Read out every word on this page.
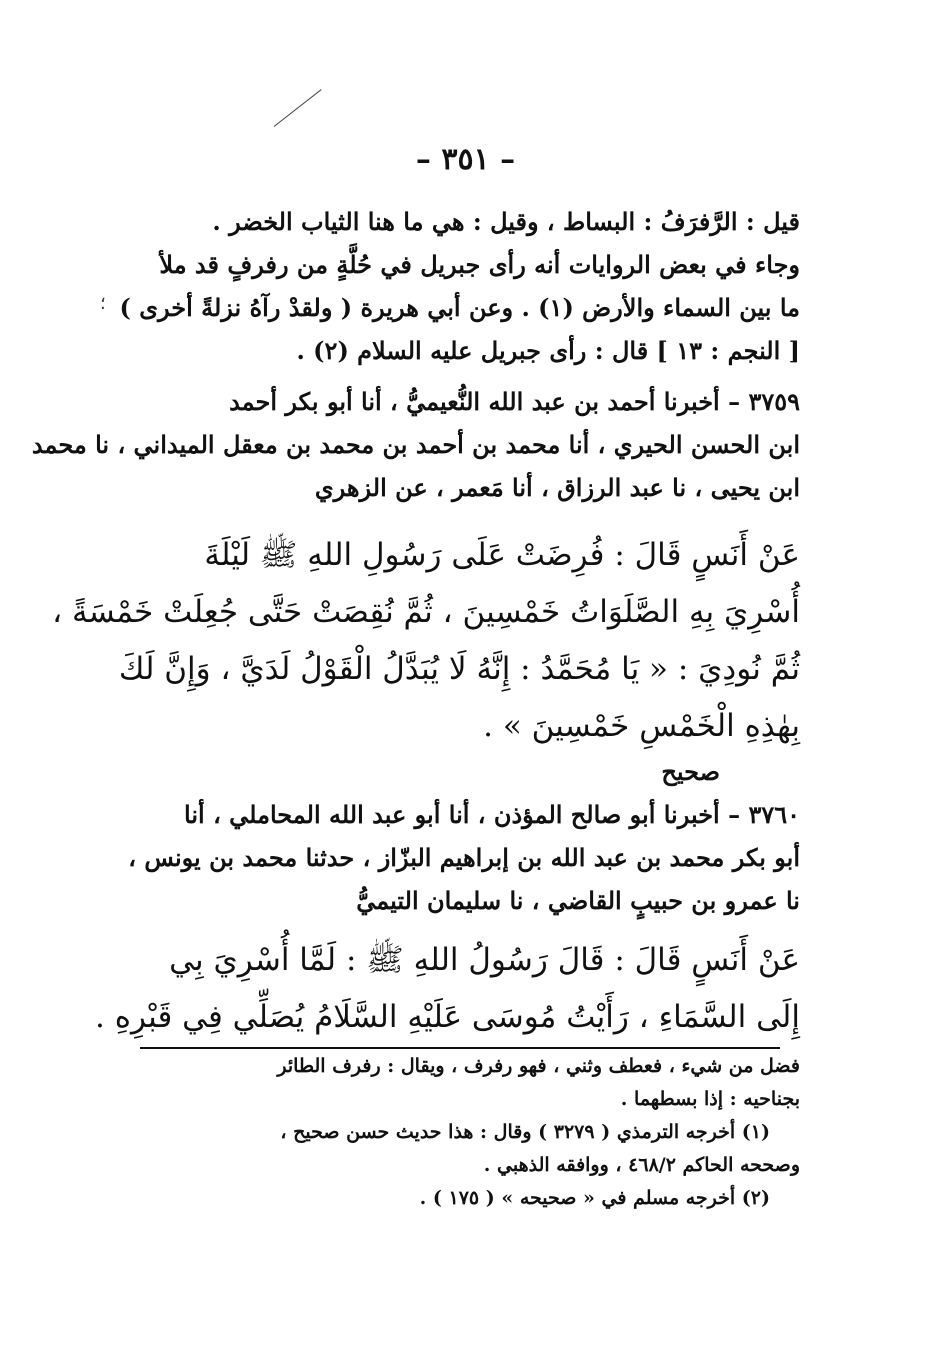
؛
– ٣٥١ –
قيل : الرَّفرَفُ : البساط ، وقيل : هي ما هنا الثياب الخضر .
وجاء في بعض الروايات أنه رأى جبريل في حُلَّةٍ من رفرفٍ قد ملأ
ما بين السماء والأرض (١) . وعن أبي هريرة ( ولقدْ رآهُ نزلةً أخرى )
[ النجم : ١٣ ] قال : رأى جبريل عليه السلام (٢) .
٣٧٥٩ – أخبرنا أحمد بن عبد الله النُّعيميُّ ، أنا أبو بكر أحمد
ابن الحسن الحيري ، أنا محمد بن أحمد بن محمد بن معقل الميداني ، نا محمد
ابن يحيى ، نا عبد الرزاق ، أنا مَعمر ، عن الزهري
عَنْ أَنَسٍ قَالَ : فُرِضَتْ عَلَى رَسُولِ اللهِ ﷺ لَيْلَةَ
أُسْرِيَ بِهِ الصَّلَوَاتُ خَمْسِينَ ، ثُمَّ نُقِصَتْ حَتَّى جُعِلَتْ خَمْسَةً ،
ثُمَّ نُودِيَ : « يَا مُحَمَّدُ : إِنَّهُ لَا يُبَدَّلُ الْقَوْلُ لَدَيَّ ، وَإِنَّ لَكَ
بِهٰذِهِ الْخَمْسِ خَمْسِينَ » .
صحيح
٣٧٦٠ – أخبرنا أبو صالح المؤذن ، أنا أبو عبد الله المحاملي ، أنا
أبو بكر محمد بن عبد الله بن إبراهيم البزّاز ، حدثنا محمد بن يونس ،
نا عمرو بن حبيبٍ القاضي ، نا سليمان التيميُّ
عَنْ أَنَسٍ قَالَ : قَالَ رَسُولُ اللهِ ﷺ : لَمَّا أُسْرِيَ بِي
إِلَى السَّمَاءِ ، رَأَيْتُ مُوسَى عَلَيْهِ السَّلَامُ يُصَلِّي فِي قَبْرِهِ .
فضل من شيء ، فعطف وثني ، فهو رفرف ، ويقال : رفرف الطائر
بجناحيه : إذا بسطهما .
(١) أخرجه الترمذي ( ٣٢٧٩ ) وقال : هذا حديث حسن صحيح ،
وصححه الحاكم ٤٦٨/٢ ، ووافقه الذهبي .
(٢) أخرجه مسلم في « صحيحه » ( ١٧٥ ) .
